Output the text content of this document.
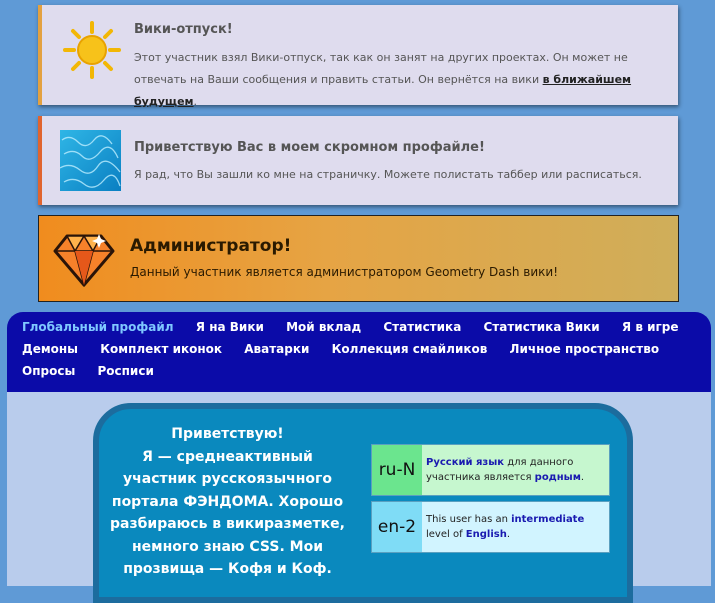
Вики-отпуск!
Этот участник взял Вики-отпуск, так как он занят на других проектах. Он может не отвечать на Ваши сообщения и править статьи. Он вернётся на вики в ближайшем будущем.
Приветствую Вас в моем скромном профайле!
Я рад, что Вы зашли ко мне на страничку. Можете полистать таббер или расписаться.
Администратор!
Данный участник является администратором Geometry Dash вики!
Глобальный профайл Я на Вики Мой вклад Статистика Статистика Вики Я в игре
Демоны Комплект иконок Аватарки Коллекция смайликов Личное пространство
Опросы Росписи
Приветствую!
Я — среднеактивный участник русскоязычного портала ФЭНДОМА. Хорошо разбираюсь в викиразметке, немного знаю CSS. Мои прозвища — Кофя и Коф.
ru-N	Русский язык для данного участника является родным.
en-2 This user has an intermediate level of English.
